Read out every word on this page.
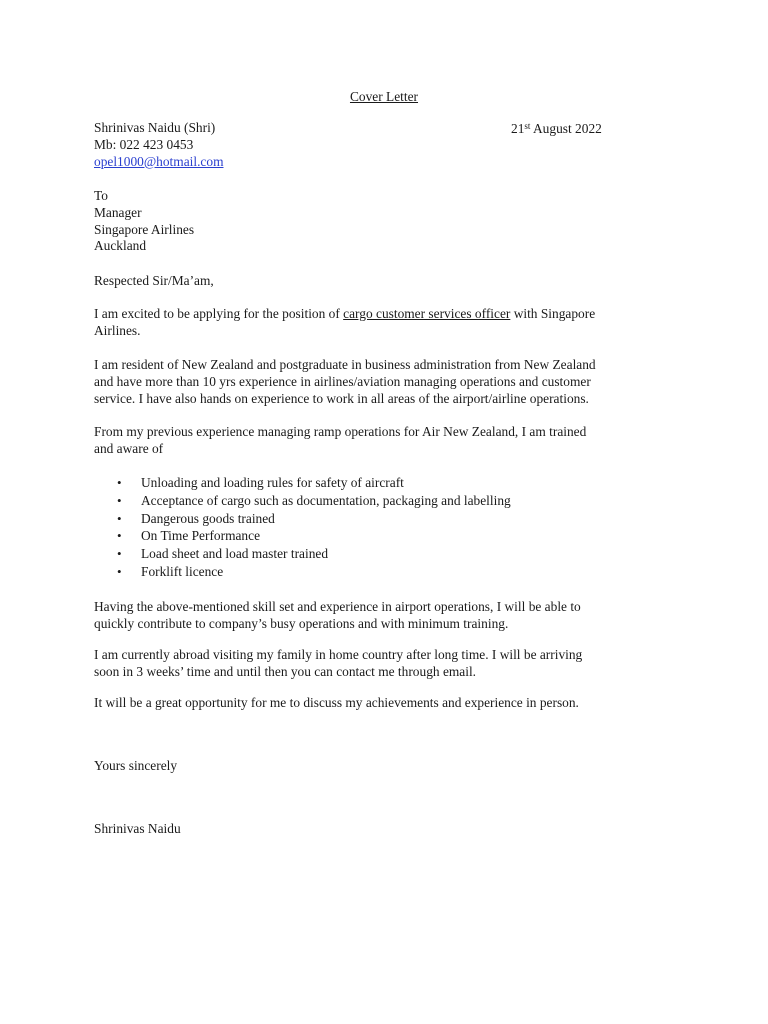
Cover Letter
Shrinivas Naidu (Shri)
Mb: 022 423 0453
opel1000@hotmail.com
21st August 2022
To
Manager
Singapore Airlines
Auckland
Respected Sir/Ma’am,
I am excited to be applying for the position of cargo customer services officer with Singapore
Airlines.
I am resident of New Zealand and postgraduate in business administration from New Zealand
and have more than 10 yrs experience in airlines/aviation managing operations and customer
service. I have also hands on experience to work in all areas of the airport/airline operations.
From my previous experience managing ramp operations for Air New Zealand, I am trained
and aware of
• Unloading and loading rules for safety of aircraft
• Acceptance of cargo such as documentation, packaging and labelling
• Dangerous goods trained
• On Time Performance
• Load sheet and load master trained
• Forklift licence
Having the above-mentioned skill set and experience in airport operations, I will be able to
quickly contribute to company’s busy operations and with minimum training.
I am currently abroad visiting my family in home country after long time. I will be arriving
soon in 3 weeks’ time and until then you can contact me through email.
It will be a great opportunity for me to discuss my achievements and experience in person.
Yours sincerely
Shrinivas Naidu
